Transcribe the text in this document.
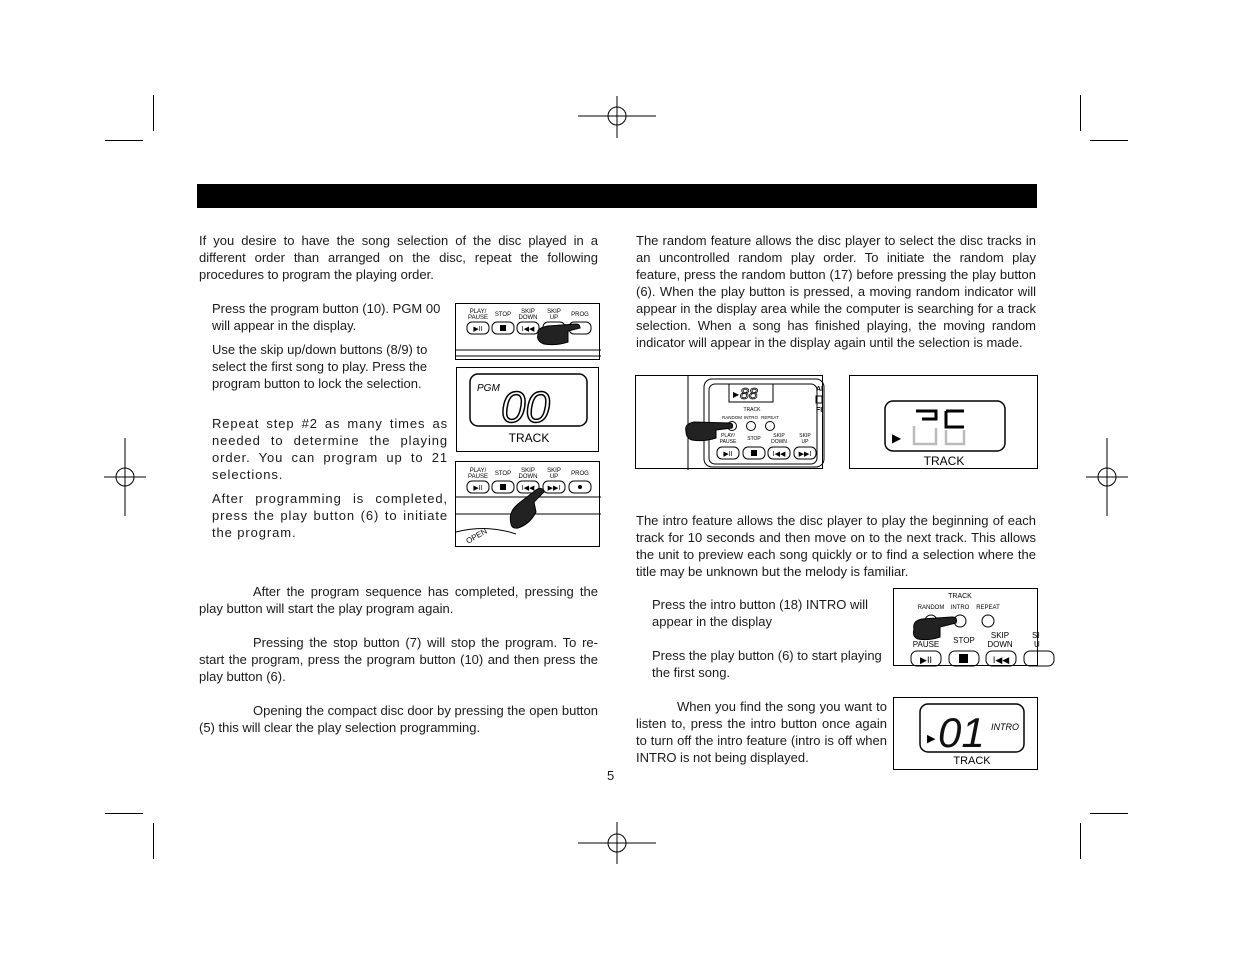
If you desire to have the song selection of the disc played in a different order than arranged on the disc, repeat the following procedures to program the playing order.

Press the program button (10). PGM 00 will appear in the display.

Use the skip up/down buttons (8/9) to select the first song to play. Press the program button to lock the selection.

Repeat step #2 as many times as needed to determine the playing order. You can program up to 21 selections.

After programming is completed, press the play button (6) to initiate the program.

After the program sequence has completed, pressing the play button will start the play program again.

Pressing the stop button (7) will stop the program. To re-start the program, press the program button (10) and then press the play button (6).

Opening the compact disc door by pressing the open button (5) this will clear the play selection programming.

PLAY/
PAUSE STOP SKIP
DOWN
SKIP
UP PROG
▶II	I◀◀
PGM 00
TRACK
PLAY/
PAUSE STOP SKIP
DOWN
SKIP
UP PROG
▶II	I◀◀ ▶▶I
OPEN

The random feature allows the disc player to select the disc tracks in an uncontrolled random play order. To initiate the random play feature, press the random button (17) before pressing the play button (6). When the play button is pressed, a moving random indicator will appear in the display area while the computer is searching for a track selection. When a song has finished playing, the moving random indicator will appear in the display again until the selection is made.

▶ 88
TRACK
RANDOM INTRO REPEAT
AI
FI
PLAY/
PAUSE STOP	SKIP
DOWN
SKIP
UP
▶II	I◀◀ ▶▶I
▶
TRACK

The intro feature allows the disc player to play the beginning of each track for 10 seconds and then move on to the next track. This allows the unit to preview each song quickly or to find a selection where the title may be unknown but the melody is familiar.

Press the intro button (18) INTRO will appear in the display

Press the play button (6) to start playing the first song.

When you find the song you want to listen to, press the intro button once again to turn off the intro feature (intro is off when INTRO is not being displayed.

TRACK
RANDOM INTRO REPEAT
PAUSE STOP
SKIP
DOWN
SI
U
▶II	I◀◀
▶ 01 INTRO
TRACK
5
